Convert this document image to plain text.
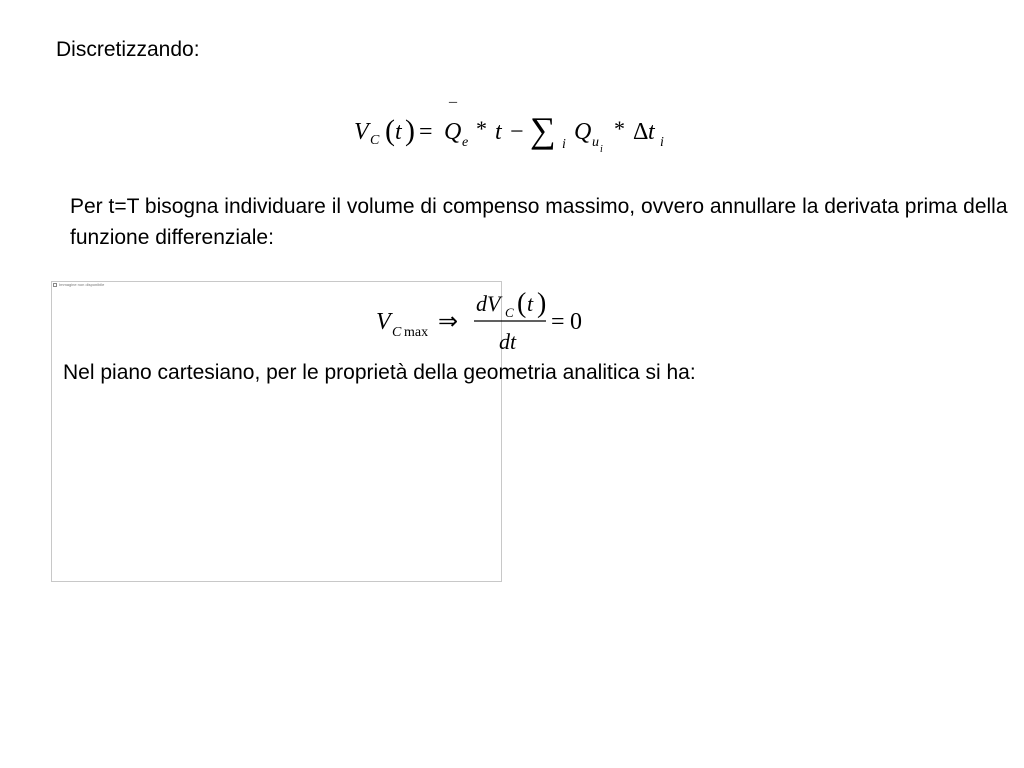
Discretizzando:
V C ( t ) =
¯
Q e
* t − ∑ i Q u i
* Δ t i
Per t=T bisogna individuare il volume di compenso massimo, ovvero annullare la derivata prima della funzione differenziale:
Immagine non disponibile
V C max ⇒
dV C ( t )
dt
= 0
Nel piano cartesiano, per le proprietà della geometria analitica si ha:
